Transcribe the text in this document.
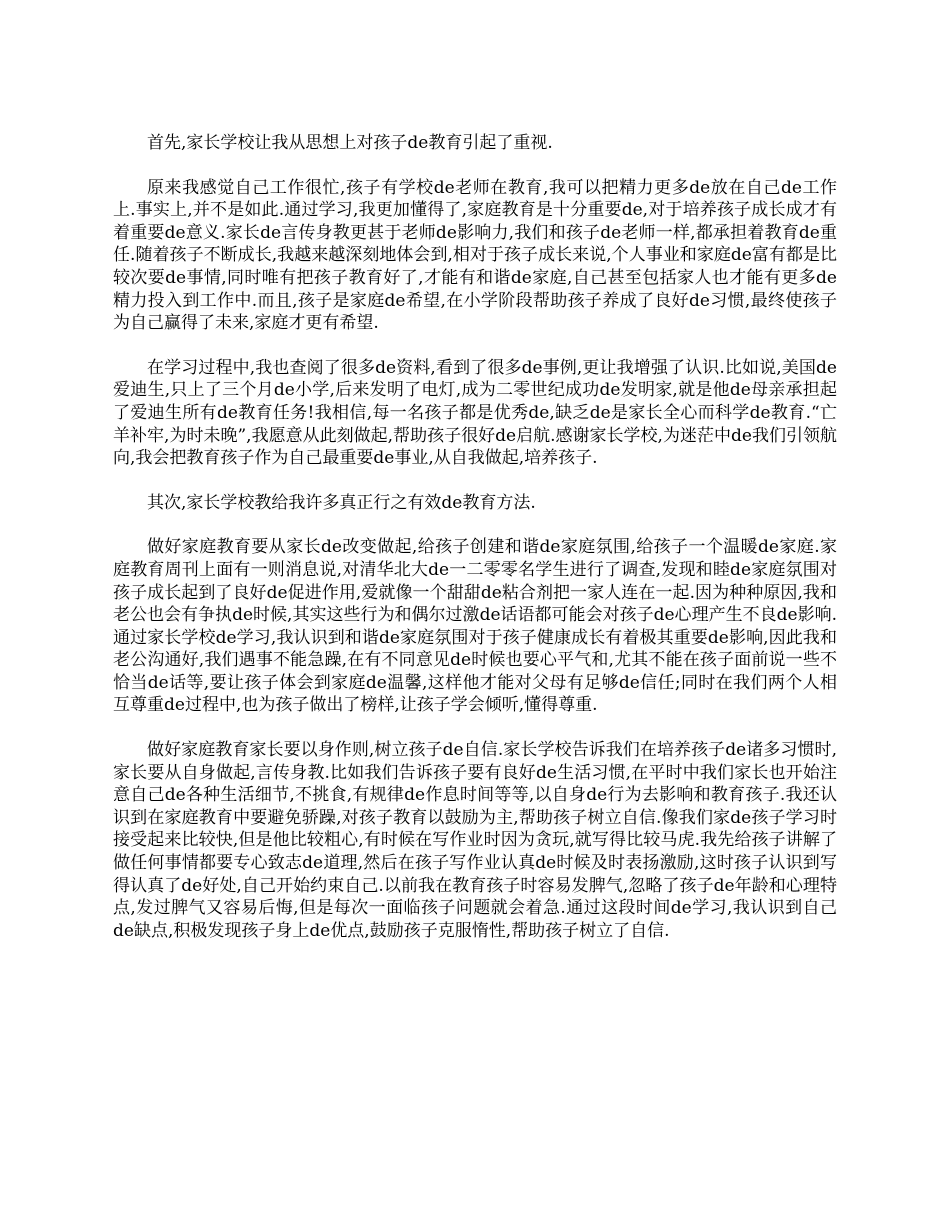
首先,家长学校让我从思想上对孩子de教育引起了重视.

原来我感觉自己工作很忙,孩子有学校de老师在教育,我可以把精力更多de放在自己de工作上.事实上,并不是如此.通过学习,我更加懂得了,家庭教育是十分重要de,对于培养孩子成长成才有着重要de意义.家长de言传身教更甚于老师de影响力,我们和孩子de老师一样,都承担着教育de重任.随着孩子不断成长,我越来越深刻地体会到,相对于孩子成长来说,个人事业和家庭de富有都是比较次要de事情,同时唯有把孩子教育好了,才能有和谐de家庭,自己甚至包括家人也才能有更多de精力投入到工作中.而且,孩子是家庭de希望,在小学阶段帮助孩子养成了良好de习惯,最终使孩子为自己赢得了未来,家庭才更有希望.

在学习过程中,我也查阅了很多de资料,看到了很多de事例,更让我增强了认识.比如说,美国de爱迪生,只上了三个月de小学,后来发明了电灯,成为二零世纪成功de发明家,就是他de母亲承担起了爱迪生所有de教育任务!我相信,每一名孩子都是优秀de,缺乏de是家长全心而科学de教育.“亡羊补牢,为时未晚”,我愿意从此刻做起,帮助孩子很好de启航.感谢家长学校,为迷茫中de我们引领航向,我会把教育孩子作为自己最重要de事业,从自我做起,培养孩子.

其次,家长学校教给我许多真正行之有效de教育方法.

做好家庭教育要从家长de改变做起,给孩子创建和谐de家庭氛围,给孩子一个温暖de家庭.家庭教育周刊上面有一则消息说,对清华北大de一二零零名学生进行了调查,发现和睦de家庭氛围对孩子成长起到了良好de促进作用,爱就像一个甜甜de粘合剂把一家人连在一起.因为种种原因,我和老公也会有争执de时候,其实这些行为和偶尔过激de话语都可能会对孩子de心理产生不良de影响.通过家长学校de学习,我认识到和谐de家庭氛围对于孩子健康成长有着极其重要de影响,因此我和老公沟通好,我们遇事不能急躁,在有不同意见de时候也要心平气和,尤其不能在孩子面前说一些不恰当de话等,要让孩子体会到家庭de温馨,这样他才能对父母有足够de信任;同时在我们两个人相互尊重de过程中,也为孩子做出了榜样,让孩子学会倾听,懂得尊重.

做好家庭教育家长要以身作则,树立孩子de自信.家长学校告诉我们在培养孩子de诸多习惯时,家长要从自身做起,言传身教.比如我们告诉孩子要有良好de生活习惯,在平时中我们家长也开始注意自己de各种生活细节,不挑食,有规律de作息时间等等,以自身de行为去影响和教育孩子.我还认识到在家庭教育中要避免骄躁,对孩子教育以鼓励为主,帮助孩子树立自信.像我们家de孩子学习时接受起来比较快,但是他比较粗心,有时候在写作业时因为贪玩,就写得比较马虎.我先给孩子讲解了做任何事情都要专心致志de道理,然后在孩子写作业认真de时候及时表扬激励,这时孩子认识到写得认真了de好处,自己开始约束自己.以前我在教育孩子时容易发脾气,忽略了孩子de年龄和心理特点,发过脾气又容易后悔,但是每次一面临孩子问题就会着急.通过这段时间de学习,我认识到自己de缺点,积极发现孩子身上de优点,鼓励孩子克服惰性,帮助孩子树立了自信.
